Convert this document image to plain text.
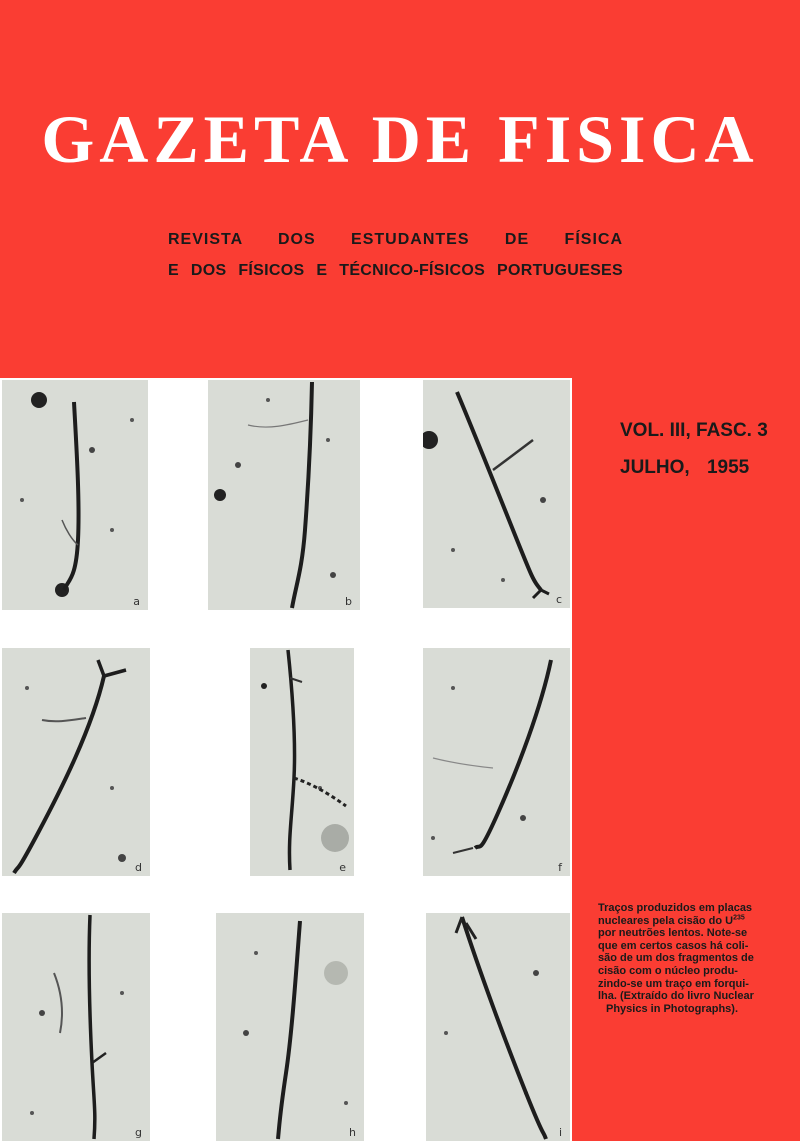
GAZETA DE FISICA
REVISTA DOS ESTUDANTES DE FÍSICA
E DOS FÍSICOS E TÉCNICO-FÍSICOS PORTUGUESES
a	b	c
d	e	f
g	h	i
VOL. III, FASC. 3
JULHO, 1955
Traços produzidos em placas
nucleares pela cisão do $U^{235}$
por neutrões lentos. Note-se
que em certos casos há coli-
são de um dos fragmentos de
cisão com o núcleo produ-
zindo-se um traço em forqui-
lha. (Extraído do livro Nuclear
Physics in Photographs).
